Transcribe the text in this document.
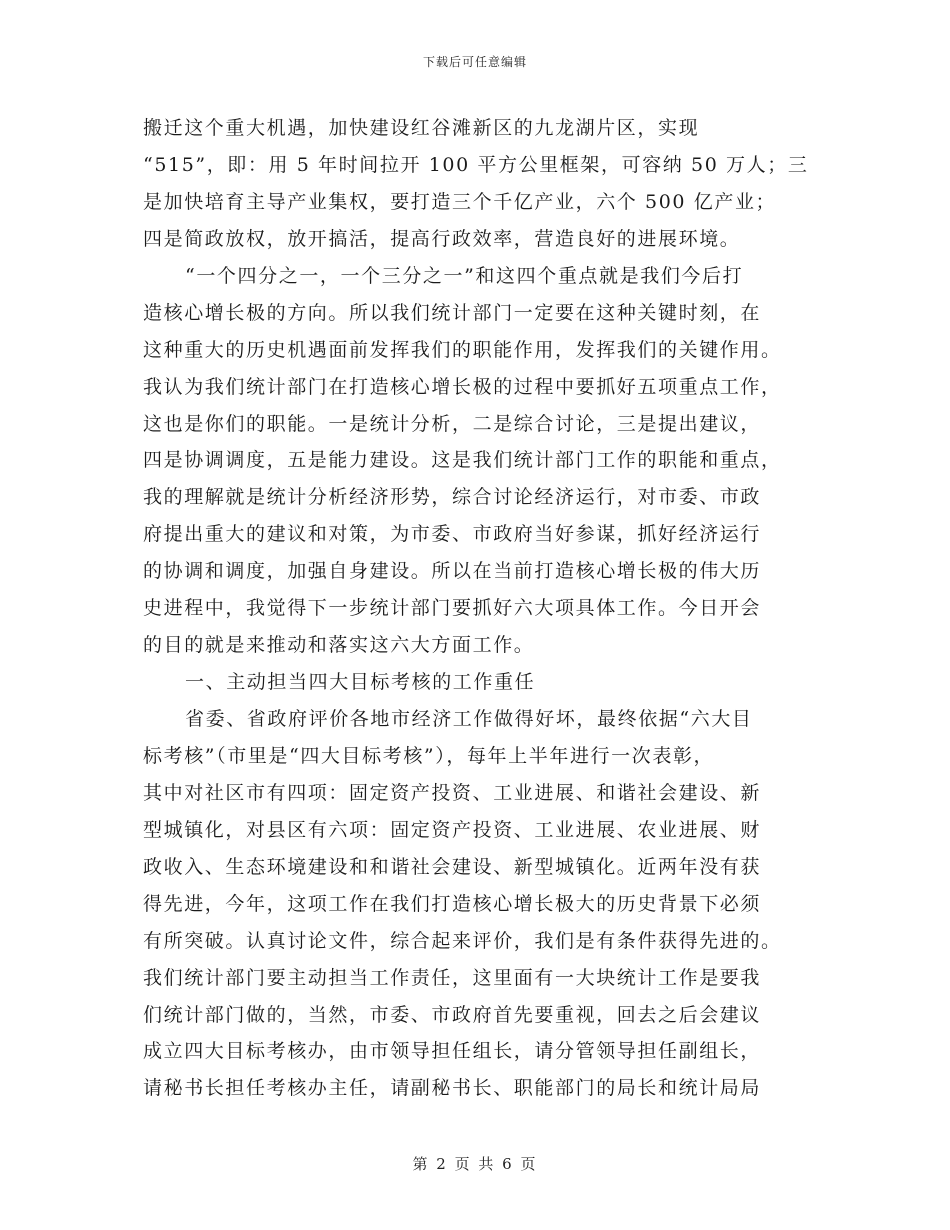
下载后可任意编辑
搬迁这个重大机遇，加快建设红谷滩新区的九龙湖片区，实现
“515”，即：用 5 年时间拉开 100 平方公里框架，可容纳 50 万人；三
是加快培育主导产业集权，要打造三个千亿产业，六个 500 亿产业；
四是简政放权，放开搞活，提高行政效率，营造良好的进展环境。
“一个四分之一，一个三分之一”和这四个重点就是我们今后打
造核心增长极的方向。所以我们统计部门一定要在这种关键时刻，在
这种重大的历史机遇面前发挥我们的职能作用，发挥我们的关键作用。
我认为我们统计部门在打造核心增长极的过程中要抓好五项重点工作，
这也是你们的职能。一是统计分析，二是综合讨论，三是提出建议，
四是协调调度，五是能力建设。这是我们统计部门工作的职能和重点，
我的理解就是统计分析经济形势，综合讨论经济运行，对市委、市政
府提出重大的建议和对策，为市委、市政府当好参谋，抓好经济运行
的协调和调度，加强自身建设。所以在当前打造核心增长极的伟大历
史进程中，我觉得下一步统计部门要抓好六大项具体工作。今日开会
的目的就是来推动和落实这六大方面工作。
一、主动担当四大目标考核的工作重任
省委、省政府评价各地市经济工作做得好坏，最终依据“六大目
标考核”（市里是“四大目标考核”），每年上半年进行一次表彰，
其中对社区市有四项：固定资产投资、工业进展、和谐社会建设、新
型城镇化，对县区有六项：固定资产投资、工业进展、农业进展、财
政收入、生态环境建设和和谐社会建设、新型城镇化。近两年没有获
得先进，今年，这项工作在我们打造核心增长极大的历史背景下必须
有所突破。认真讨论文件，综合起来评价，我们是有条件获得先进的。
我们统计部门要主动担当工作责任，这里面有一大块统计工作是要我
们统计部门做的，当然，市委、市政府首先要重视，回去之后会建议
成立四大目标考核办，由市领导担任组长，请分管领导担任副组长，
请秘书长担任考核办主任，请副秘书长、职能部门的局长和统计局局
第 2 页 共 6 页
